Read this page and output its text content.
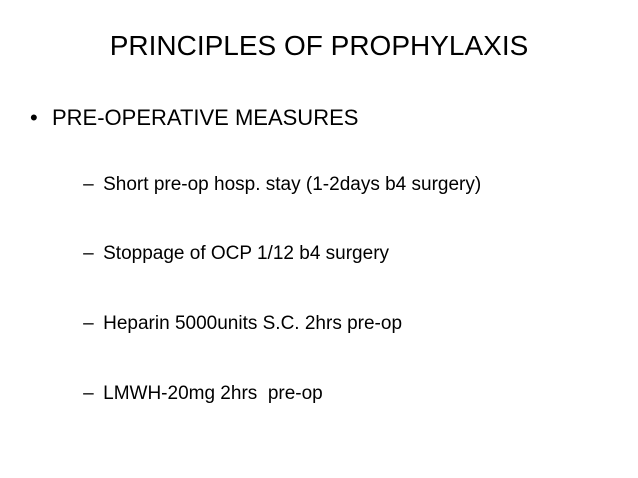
PRINCIPLES OF PROPHYLAXIS
• PRE-OPERATIVE MEASURES

– Short pre-op hosp. stay (1-2days b4 surgery)

– Stoppage of OCP 1/12 b4 surgery

– Heparin 5000units S.C. 2hrs pre-op

– LMWH-20mg 2hrs  pre-op
